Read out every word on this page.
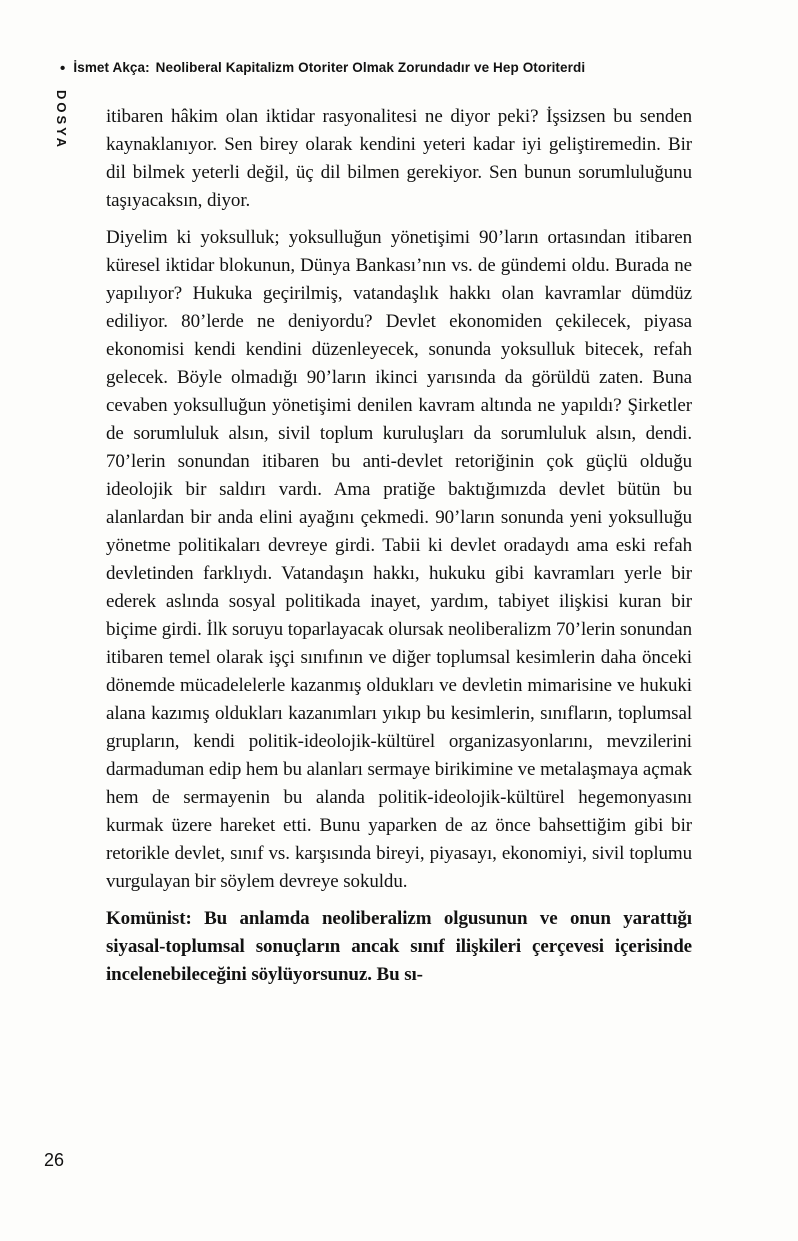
• İsmet Akça: Neoliberal Kapitalizm Otoriter Olmak Zorundadır ve Hep Otoriterdi
DOSYA itibaren hâkim olan iktidar rasyonalitesi ne diyor peki? İşsizsen bu senden kaynaklanıyor. Sen birey olarak kendini yeteri kadar iyi geliştiremedin. Bir dil bilmek yeterli değil, üç dil bilmen gerekiyor. Sen bunun sorumluluğunu taşıyacaksın, diyor.

Diyelim ki yoksulluk; yoksulluğun yönetişimi 90’ların ortasından itibaren küresel iktidar blokunun, Dünya Bankası’nın vs. de gündemi oldu. Burada ne yapılıyor? Hukuka geçirilmiş, vatandaşlık hakkı olan kavramlar dümdüz ediliyor. 80’lerde ne deniyordu? Devlet ekonomiden çekilecek, piyasa ekonomisi kendi kendini düzenleyecek, sonunda yoksulluk bitecek, refah gelecek. Böyle olmadığı 90’ların ikinci yarısında da görüldü zaten. Buna cevaben yoksulluğun yönetişimi denilen kavram altında ne yapıldı? Şirketler de sorumluluk alsın, sivil toplum kuruluşları da sorumluluk alsın, dendi. 70’lerin sonundan itibaren bu anti-devlet retoriğinin çok güçlü olduğu ideolojik bir saldırı vardı. Ama pratiğe baktığımızda devlet bütün bu alanlardan bir anda elini ayağını çekmedi. 90’ların sonunda yeni yoksulluğu yönetme politikaları devreye girdi. Tabii ki devlet oradaydı ama eski refah devletinden farklıydı. Vatandaşın hakkı, hukuku gibi kavramları yerle bir ederek aslında sosyal politikada inayet, yardım, tabiyet ilişkisi kuran bir biçime girdi. İlk soruyu toparlayacak olursak neoliberalizm 70’lerin sonundan itibaren temel olarak işçi sınıfının ve diğer toplumsal kesimlerin daha önceki dönemde mücadelelerle kazanmış oldukları ve devletin mimarisine ve hukuki alana kazımış oldukları kazanımları yıkıp bu kesimlerin, sınıfların, toplumsal grupların, kendi politik-ideolojik-kültürel organizasyonlarını, mevzilerini darmaduman edip hem bu alanları sermaye birikimine ve metalaşmaya açmak hem de sermayenin bu alanda politik-ideolojik-kültürel hegemonyasını kurmak üzere hareket etti. Bunu yaparken de az önce bahsettiğim gibi bir retorikle devlet, sınıf vs. karşısında bireyi, piyasayı, ekonomiyi, sivil toplumu vurgulayan bir söylem devreye sokuldu.

Komünist: Bu anlamda neoliberalizm olgusunun ve onun yarattığı siyasal-toplumsal sonuçların ancak sınıf ilişkileri çerçevesi içerisinde incelenebileceğini söylüyorsunuz. Bu sı-

26
